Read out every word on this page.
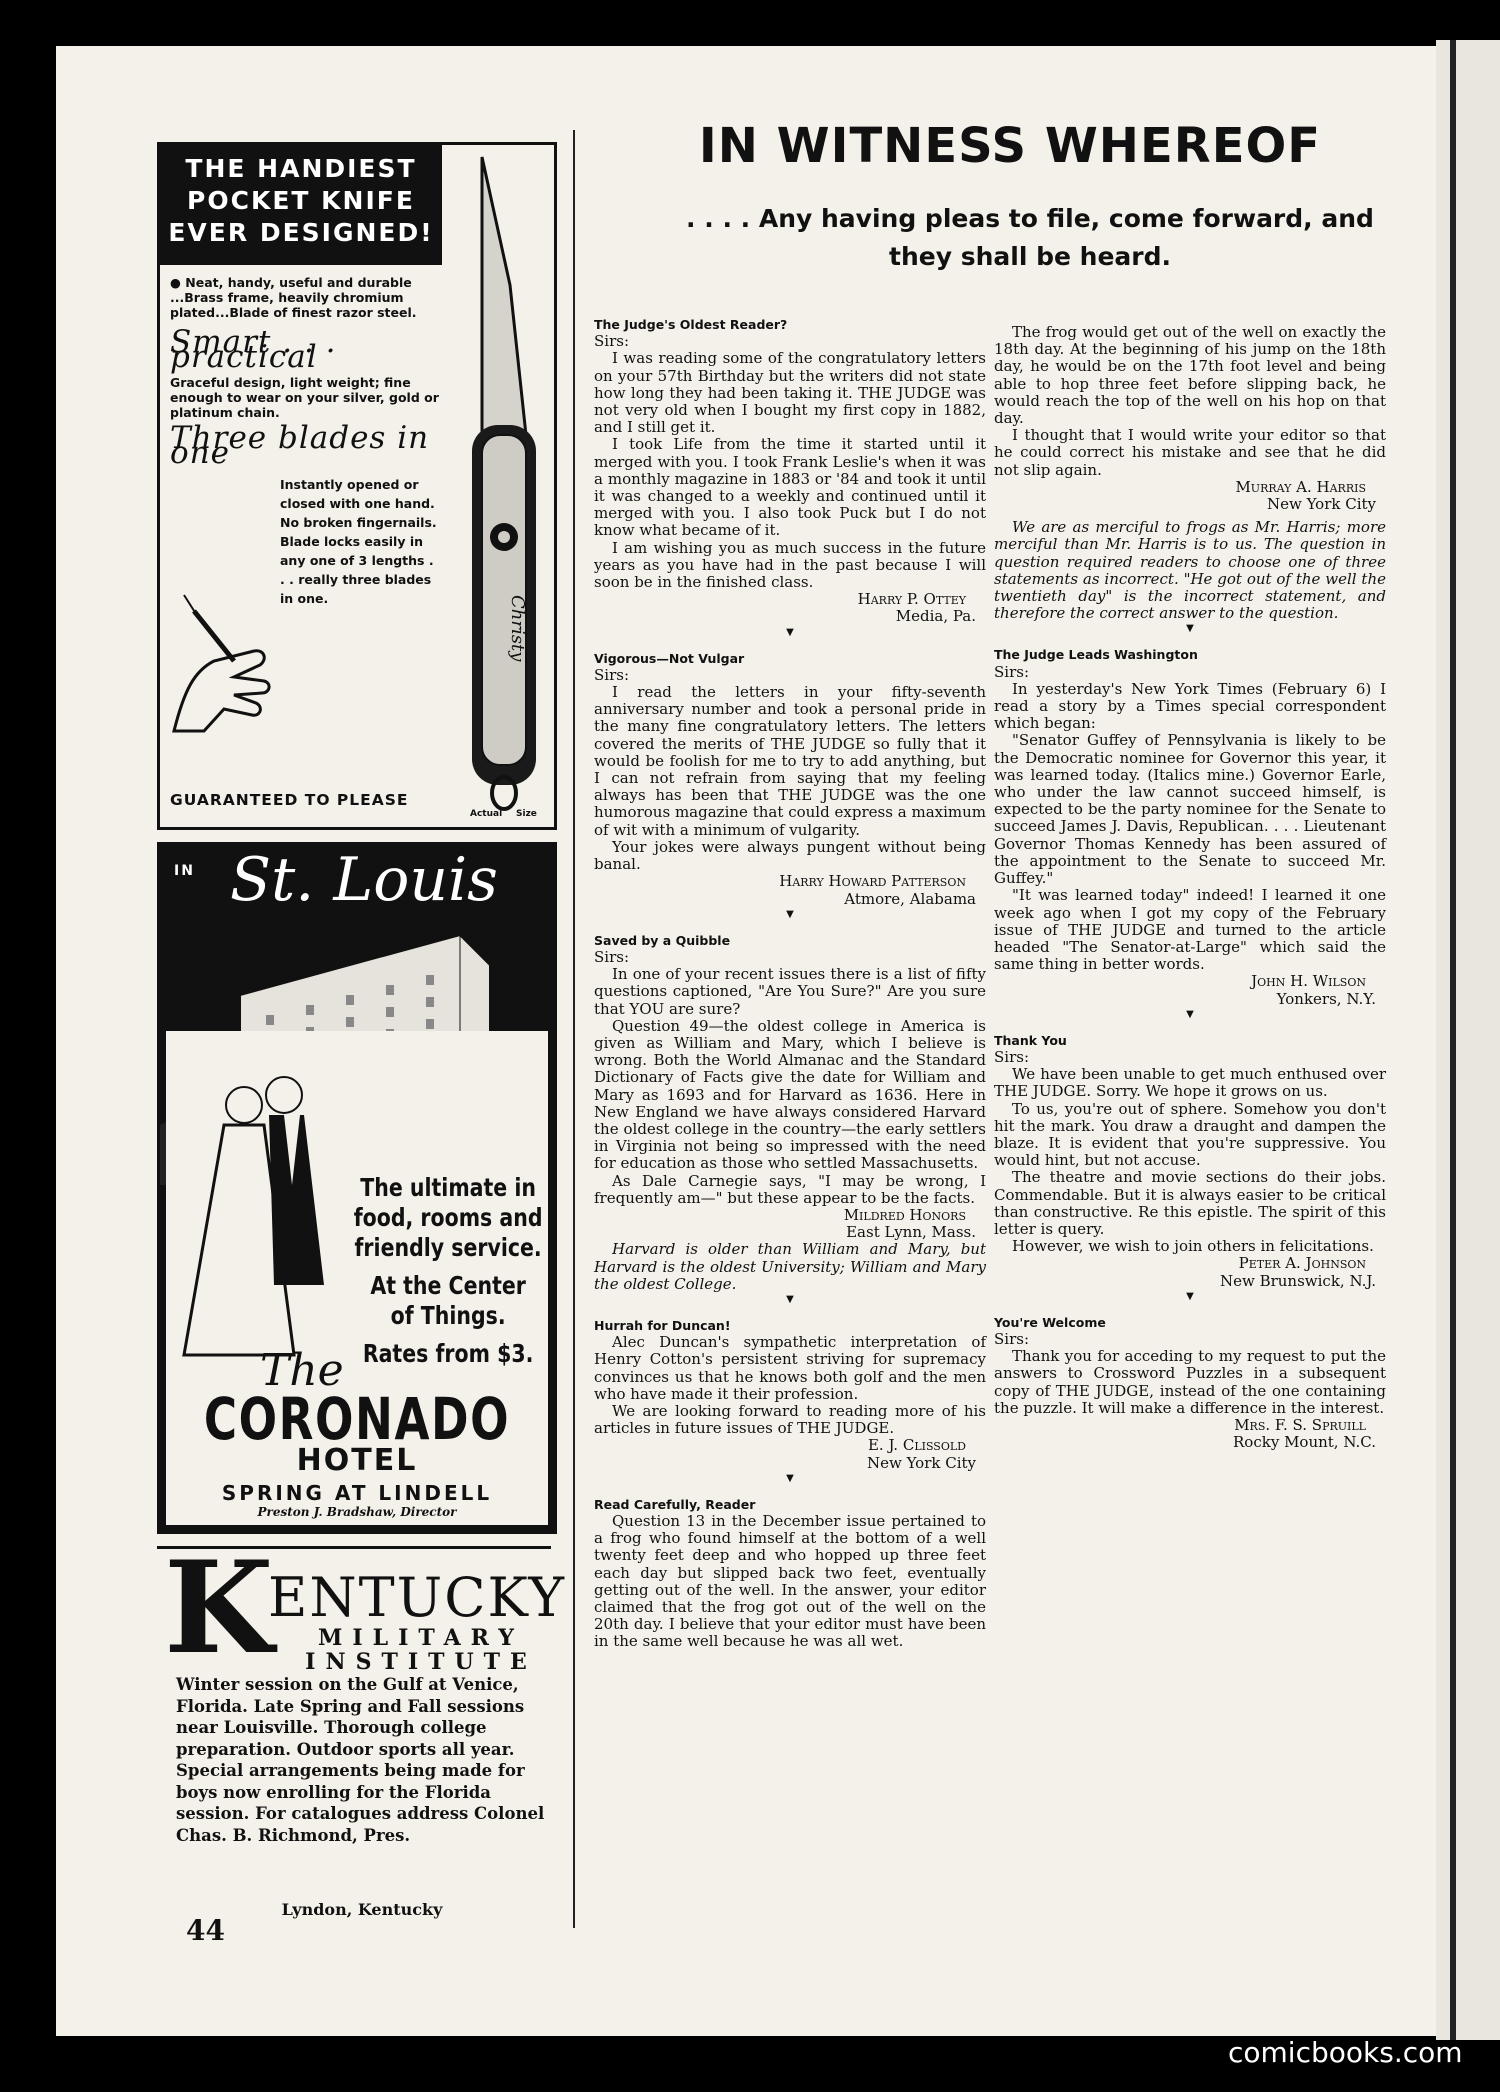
THE HANDIEST
POCKET KNIFE
EVER DESIGNED!
● Neat, handy, useful and durable ...Brass frame, heavily chromium plated...Blade of finest razor steel.
Smart . . . practical
Graceful design, light weight; fine enough to wear on your silver, gold or platinum chain.
Three blades in one
Instantly opened or closed with one hand. No broken fingernails. Blade locks easily in any one of 3 lengths . . . really three blades in one.
GUARANTEED TO PLEASE
Christy
Actual Size
IN St. Louis
The ultimate in
food, rooms and
friendly service.
At the Center
of Things.
Rates from $3.
The
CORONADO
HOTEL
SPRING AT LINDELL
Preston J. Bradshaw, Director
K
ENTUCKY
MILITARY
INSTITUTE
Winter session on the Gulf at Venice, Florida. Late Spring and Fall sessions near Louisville. Thorough college preparation. Outdoor sports all year. Special arrangements being made for boys now enrolling for the Florida session. For catalogues address Colonel Chas. B. Richmond, Pres.
Lyndon, Kentucky
44
IN WITNESS WHEREOF
. . . . Any having pleas to file, come forward, and they shall be heard.

The Judge's Oldest Reader?

Sirs:

I was reading some of the congratulatory letters on your 57th Birthday but the writers did not state how long they had been taking it. THE JUDGE was not very old when I bought my first copy in 1882, and I still get it.

I took Life from the time it started until it merged with you. I took Frank Leslie's when it was a monthly magazine in 1883 or '84 and took it until it was changed to a weekly and continued until it merged with you. I also took Puck but I do not know what became of it.

I am wishing you as much success in the future years as you have had in the past because I will soon be in the finished class.

Harry P. Ottey

Media, Pa.

▼

Vigorous—Not Vulgar

Sirs:

I read the letters in your fifty-seventh anniversary number and took a personal pride in the many fine congratulatory letters. The letters covered the merits of THE JUDGE so fully that it would be foolish for me to try to add anything, but I can not refrain from saying that my feeling always has been that THE JUDGE was the one humorous magazine that could express a maximum of wit with a minimum of vulgarity.

Your jokes were always pungent without being banal.

Harry Howard Patterson

Atmore, Alabama

▼

Saved by a Quibble

Sirs:

In one of your recent issues there is a list of fifty questions captioned, "Are You Sure?" Are you sure that YOU are sure?

Question 49—the oldest college in America is given as William and Mary, which I believe is wrong. Both the World Almanac and the Standard Dictionary of Facts give the date for William and Mary as 1693 and for Harvard as 1636. Here in New England we have always considered Harvard the oldest college in the country—the early settlers in Virginia not being so impressed with the need for education as those who settled Massachusetts.

As Dale Carnegie says, "I may be wrong, I frequently am—" but these appear to be the facts.

Mildred Honors

East Lynn, Mass.

Harvard is older than William and Mary, but Harvard is the oldest University; William and Mary the oldest College.

▼

Hurrah for Duncan!

Alec Duncan's sympathetic interpretation of Henry Cotton's persistent striving for supremacy convinces us that he knows both golf and the men who have made it their profession.

We are looking forward to reading more of his articles in future issues of THE JUDGE.

E. J. Clissold

New York City

▼

Read Carefully, Reader

Question 13 in the December issue pertained to a frog who found himself at the bottom of a well twenty feet deep and who hopped up three feet each day but slipped back two feet, eventually getting out of the well. In the answer, your editor claimed that the frog got out of the well on the 20th day. I believe that your editor must have been in the same well because he was all wet.

The frog would get out of the well on exactly the 18th day. At the beginning of his jump on the 18th day, he would be on the 17th foot level and being able to hop three feet before slipping back, he would reach the top of the well on his hop on that day.

I thought that I would write your editor so that he could correct his mistake and see that he did not slip again.

Murray A. Harris

New York City

We are as merciful to frogs as Mr. Harris; more merciful than Mr. Harris is to us. The question in question required readers to choose one of three statements as incorrect. "He got out of the well the twentieth day" is the incorrect statement, and therefore the correct answer to the question.

▼

The Judge Leads Washington

Sirs:

In yesterday's New York Times (February 6) I read a story by a Times special correspondent which began:

"Senator Guffey of Pennsylvania is likely to be the Democratic nominee for Governor this year, it was learned today. (Italics mine.) Governor Earle, who under the law cannot succeed himself, is expected to be the party nominee for the Senate to succeed James J. Davis, Republican. . . . Lieutenant Governor Thomas Kennedy has been assured of the appointment to the Senate to succeed Mr. Guffey."

"It was learned today" indeed! I learned it one week ago when I got my copy of the February issue of THE JUDGE and turned to the article headed "The Senator-at-Large" which said the same thing in better words.

John H. Wilson

Yonkers, N.Y.

▼

Thank You

Sirs:

We have been unable to get much enthused over THE JUDGE. Sorry. We hope it grows on us.

To us, you're out of sphere. Somehow you don't hit the mark. You draw a draught and dampen the blaze. It is evident that you're suppressive. You would hint, but not accuse.

The theatre and movie sections do their jobs. Commendable. But it is always easier to be critical than constructive. Re this epistle. The spirit of this letter is query.

However, we wish to join others in felicitations.

Peter A. Johnson

New Brunswick, N.J.

▼

You're Welcome

Sirs:

Thank you for acceding to my request to put the answers to Crossword Puzzles in a subsequent copy of THE JUDGE, instead of the one containing the puzzle. It will make a difference in the interest.

Mrs. F. S. Spruill

Rocky Mount, N.C.

comicbooks.com
